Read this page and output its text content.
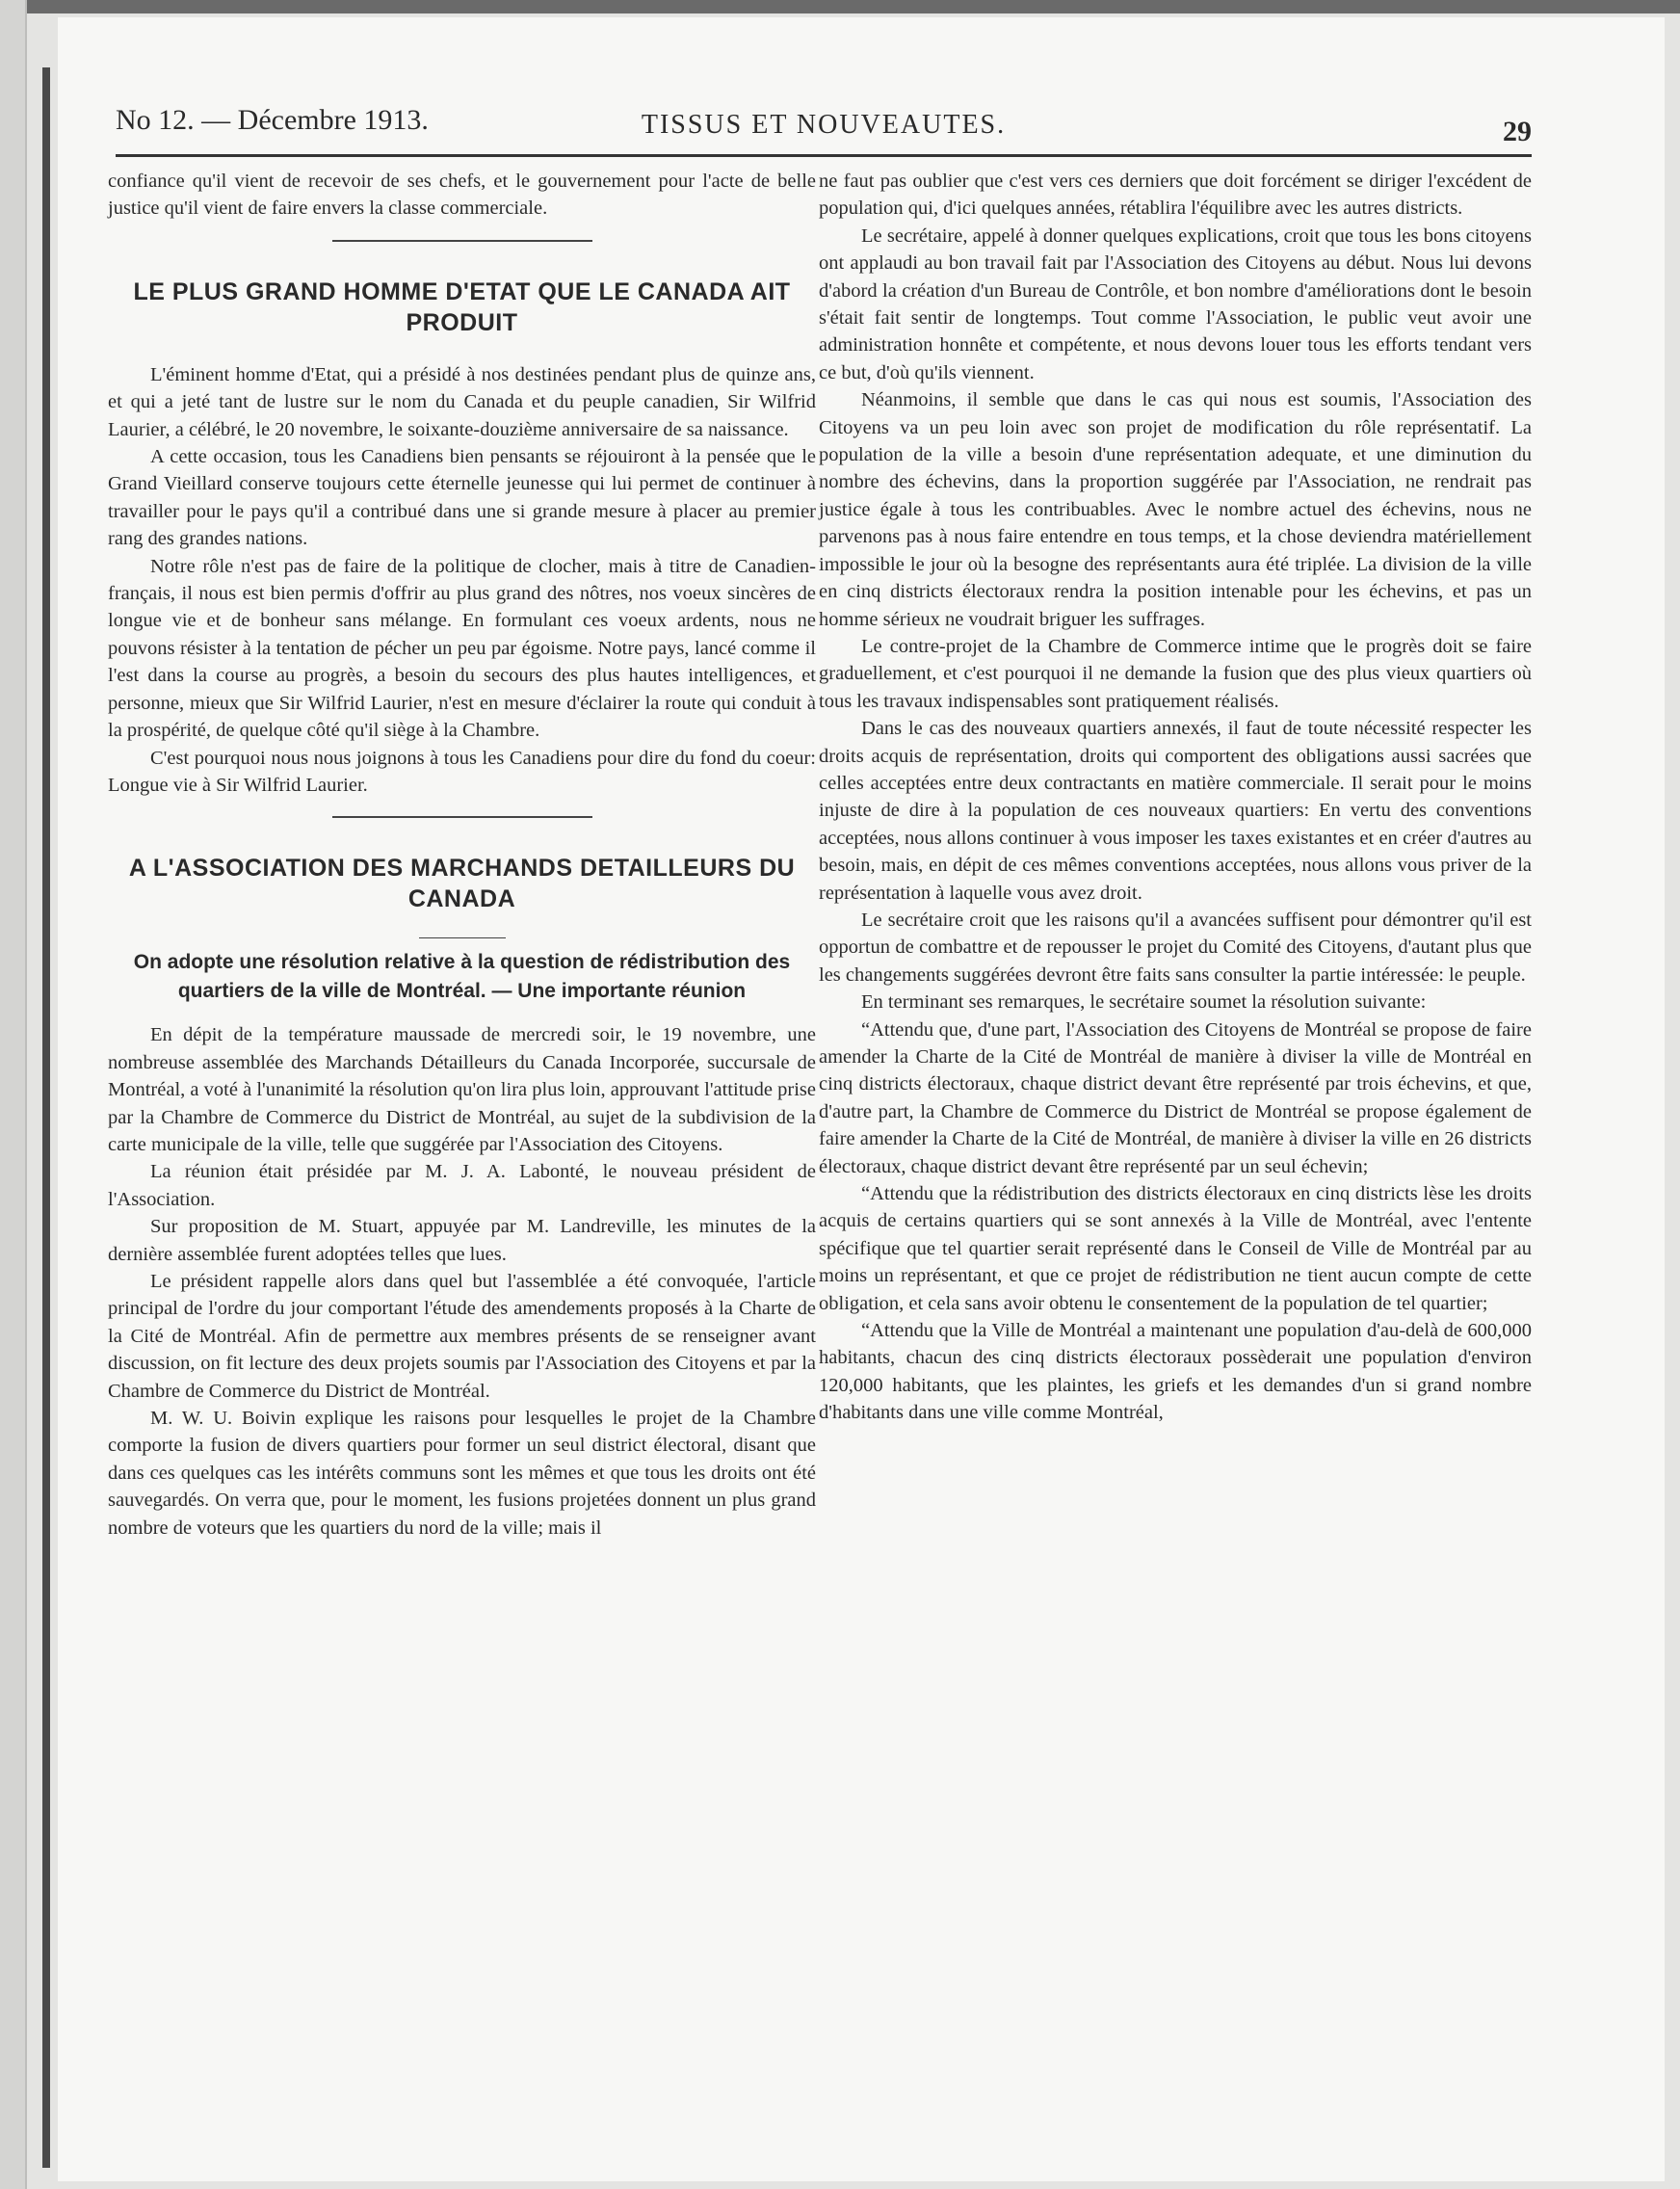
No 12. — Décembre 1913.	TISSUS ET NOUVEAUTES.	29

confiance qu'il vient de recevoir de ses chefs, et le gouvernement pour l'acte de belle justice qu'il vient de faire envers la classe commerciale.

LE PLUS GRAND HOMME D'ETAT QUE LE CANADA AIT PRODUIT

L'éminent homme d'Etat, qui a présidé à nos destinées pendant plus de quinze ans, et qui a jeté tant de lustre sur le nom du Canada et du peuple canadien, Sir Wilfrid Laurier, a célébré, le 20 novembre, le soixante-douzième anniversaire de sa naissance.

A cette occasion, tous les Canadiens bien pensants se réjouiront à la pensée que le Grand Vieillard conserve toujours cette éternelle jeunesse qui lui permet de continuer à travailler pour le pays qu'il a contribué dans une si grande mesure à placer au premier rang des grandes nations.

Notre rôle n'est pas de faire de la politique de clocher, mais à titre de Canadien-français, il nous est bien permis d'offrir au plus grand des nôtres, nos voeux sincères de longue vie et de bonheur sans mélange. En formulant ces voeux ardents, nous ne pouvons résister à la tentation de pécher un peu par égoisme. Notre pays, lancé comme il l'est dans la course au progrès, a besoin du secours des plus hautes intelligences, et personne, mieux que Sir Wilfrid Laurier, n'est en mesure d'éclairer la route qui conduit à la prospérité, de quelque côté qu'il siège à la Chambre.

C'est pourquoi nous nous joignons à tous les Canadiens pour dire du fond du coeur: Longue vie à Sir Wilfrid Laurier.

A L'ASSOCIATION DES MARCHANDS DETAILLEURS DU CANADA
On adopte une résolution relative à la question de rédistribution des quartiers de la ville de Montréal. — Une importante réunion

En dépit de la température maussade de mercredi soir, le 19 novembre, une nombreuse assemblée des Marchands Détailleurs du Canada Incorporée, succursale de Montréal, a voté à l'unanimité la résolution qu'on lira plus loin, approuvant l'attitude prise par la Chambre de Commerce du District de Montréal, au sujet de la subdivision de la carte municipale de la ville, telle que suggérée par l'Association des Citoyens.

La réunion était présidée par M. J. A. Labonté, le nouveau président de l'Association.

Sur proposition de M. Stuart, appuyée par M. Landreville, les minutes de la dernière assemblée furent adoptées telles que lues.

Le président rappelle alors dans quel but l'assemblée a été convoquée, l'article principal de l'ordre du jour comportant l'étude des amendements proposés à la Charte de la Cité de Montréal. Afin de permettre aux membres présents de se renseigner avant discussion, on fit lecture des deux projets soumis par l'Association des Citoyens et par la Chambre de Commerce du District de Montréal.

M. W. U. Boivin explique les raisons pour lesquelles le projet de la Chambre comporte la fusion de divers quartiers pour former un seul district électoral, disant que dans ces quelques cas les intérêts communs sont les mêmes et que tous les droits ont été sauvegardés. On verra que, pour le moment, les fusions projetées donnent un plus grand nombre de voteurs que les quartiers du nord de la ville; mais il

ne faut pas oublier que c'est vers ces derniers que doit forcément se diriger l'excédent de population qui, d'ici quelques années, rétablira l'équilibre avec les autres districts.

Le secrétaire, appelé à donner quelques explications, croit que tous les bons citoyens ont applaudi au bon travail fait par l'Association des Citoyens au début. Nous lui devons d'abord la création d'un Bureau de Contrôle, et bon nombre d'améliorations dont le besoin s'était fait sentir de longtemps. Tout comme l'Association, le public veut avoir une administration honnête et compétente, et nous devons louer tous les efforts tendant vers ce but, d'où qu'ils viennent.

Néanmoins, il semble que dans le cas qui nous est soumis, l'Association des Citoyens va un peu loin avec son projet de modification du rôle représentatif. La population de la ville a besoin d'une représentation adequate, et une diminution du nombre des échevins, dans la proportion suggérée par l'Association, ne rendrait pas justice égale à tous les contribuables. Avec le nombre actuel des échevins, nous ne parvenons pas à nous faire entendre en tous temps, et la chose deviendra matériellement impossible le jour où la besogne des représentants aura été triplée. La division de la ville en cinq districts électoraux rendra la position intenable pour les échevins, et pas un homme sérieux ne voudrait briguer les suffrages.

Le contre-projet de la Chambre de Commerce intime que le progrès doit se faire graduellement, et c'est pourquoi il ne demande la fusion que des plus vieux quartiers où tous les travaux indispensables sont pratiquement réalisés.

Dans le cas des nouveaux quartiers annexés, il faut de toute nécessité respecter les droits acquis de représentation, droits qui comportent des obligations aussi sacrées que celles acceptées entre deux contractants en matière commerciale. Il serait pour le moins injuste de dire à la population de ces nouveaux quartiers: En vertu des conventions acceptées, nous allons continuer à vous imposer les taxes existantes et en créer d'autres au besoin, mais, en dépit de ces mêmes conventions acceptées, nous allons vous priver de la représentation à laquelle vous avez droit.

Le secrétaire croit que les raisons qu'il a avancées suffisent pour démontrer qu'il est opportun de combattre et de repousser le projet du Comité des Citoyens, d'autant plus que les changements suggérées devront être faits sans consulter la partie intéressée: le peuple.

En terminant ses remarques, le secrétaire soumet la résolution suivante:

“Attendu que, d'une part, l'Association des Citoyens de Montréal se propose de faire amender la Charte de la Cité de Montréal de manière à diviser la ville de Montréal en cinq districts électoraux, chaque district devant être représenté par trois échevins, et que, d'autre part, la Chambre de Commerce du District de Montréal se propose également de faire amender la Charte de la Cité de Montréal, de manière à diviser la ville en 26 districts électoraux, chaque district devant être représenté par un seul échevin;

“Attendu que la rédistribution des districts électoraux en cinq districts lèse les droits acquis de certains quartiers qui se sont annexés à la Ville de Montréal, avec l'entente spécifique que tel quartier serait représenté dans le Conseil de Ville de Montréal par au moins un représentant, et que ce projet de rédistribution ne tient aucun compte de cette obligation, et cela sans avoir obtenu le consentement de la population de tel quartier;

“Attendu que la Ville de Montréal a maintenant une population d'au-delà de 600,000 habitants, chacun des cinq districts électoraux possèderait une population d'environ 120,000 habitants, que les plaintes, les griefs et les demandes d'un si grand nombre d'habitants dans une ville comme Montréal,
